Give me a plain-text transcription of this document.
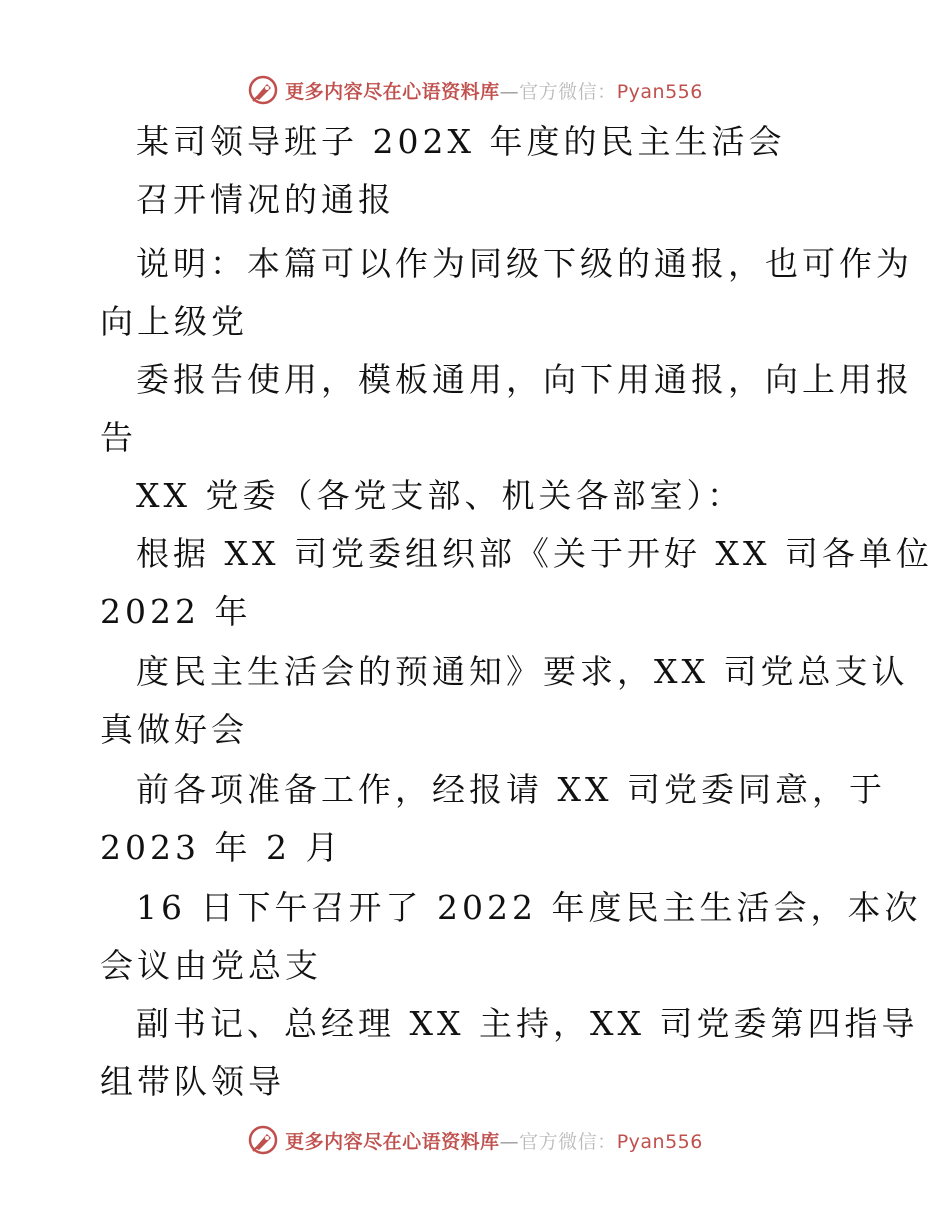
更多内容尽在心语资料库—官方微信：Pyan556
某司领导班子 202X 年度的民主生活会
召开情况的通报
说明：本篇可以作为同级下级的通报，也可作为
向上级党
委报告使用，模板通用，向下用通报，向上用报
告
XX 党委（各党支部、机关各部室）：
根据 XX 司党委组织部《关于开好 XX 司各单位
2022 年
度民主生活会的预通知》要求，XX 司党总支认
真做好会
前各项准备工作，经报请 XX 司党委同意，于
2023 年 2 月
16 日下午召开了 2022 年度民主生活会，本次
会议由党总支
副书记、总经理 XX 主持，XX 司党委第四指导
组带队领导
更多内容尽在心语资料库—官方微信：Pyan556
